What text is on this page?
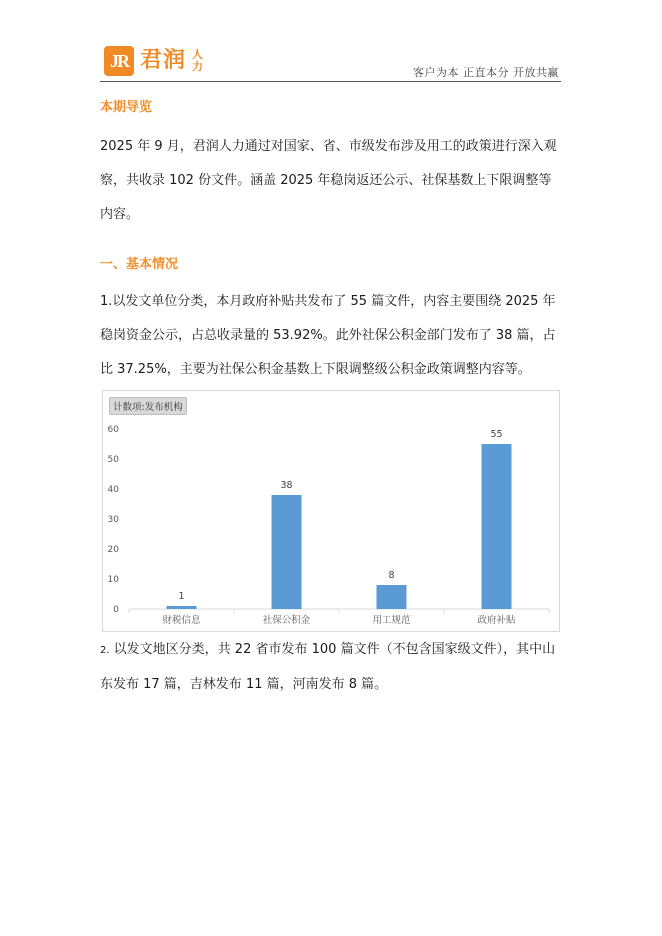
JR 君润 人力	客户为本 正直本分 开放共赢
本期导览

2025 年 9 月，君润人力通过对国家、省、市级发布涉及用工的政策进行深入观察，共收录 102 份文件。涵盖 2025 年稳岗返还公示、社保基数上下限调整等内容。

一、基本情况

1.以发文单位分类，本月政府补贴共发布了 55 篇文件，内容主要围绕 2025 年稳岗资金公示，占总收录量的 53.92%。此外社保公积金部门发布了 38 篇，占比 37.25%，主要为社保公积金基数上下限调整级公积金政策调整内容等。

计数项:发布机构
0
10
20
30
40
50
60
1
财税信息
38
社保公积金
8
用工规范
55
政府补贴

2. 以发文地区分类，共 22 省市发布 100 篇文件（不包含国家级文件），其中山东发布 17 篇，吉林发布 11 篇，河南发布 8 篇。
